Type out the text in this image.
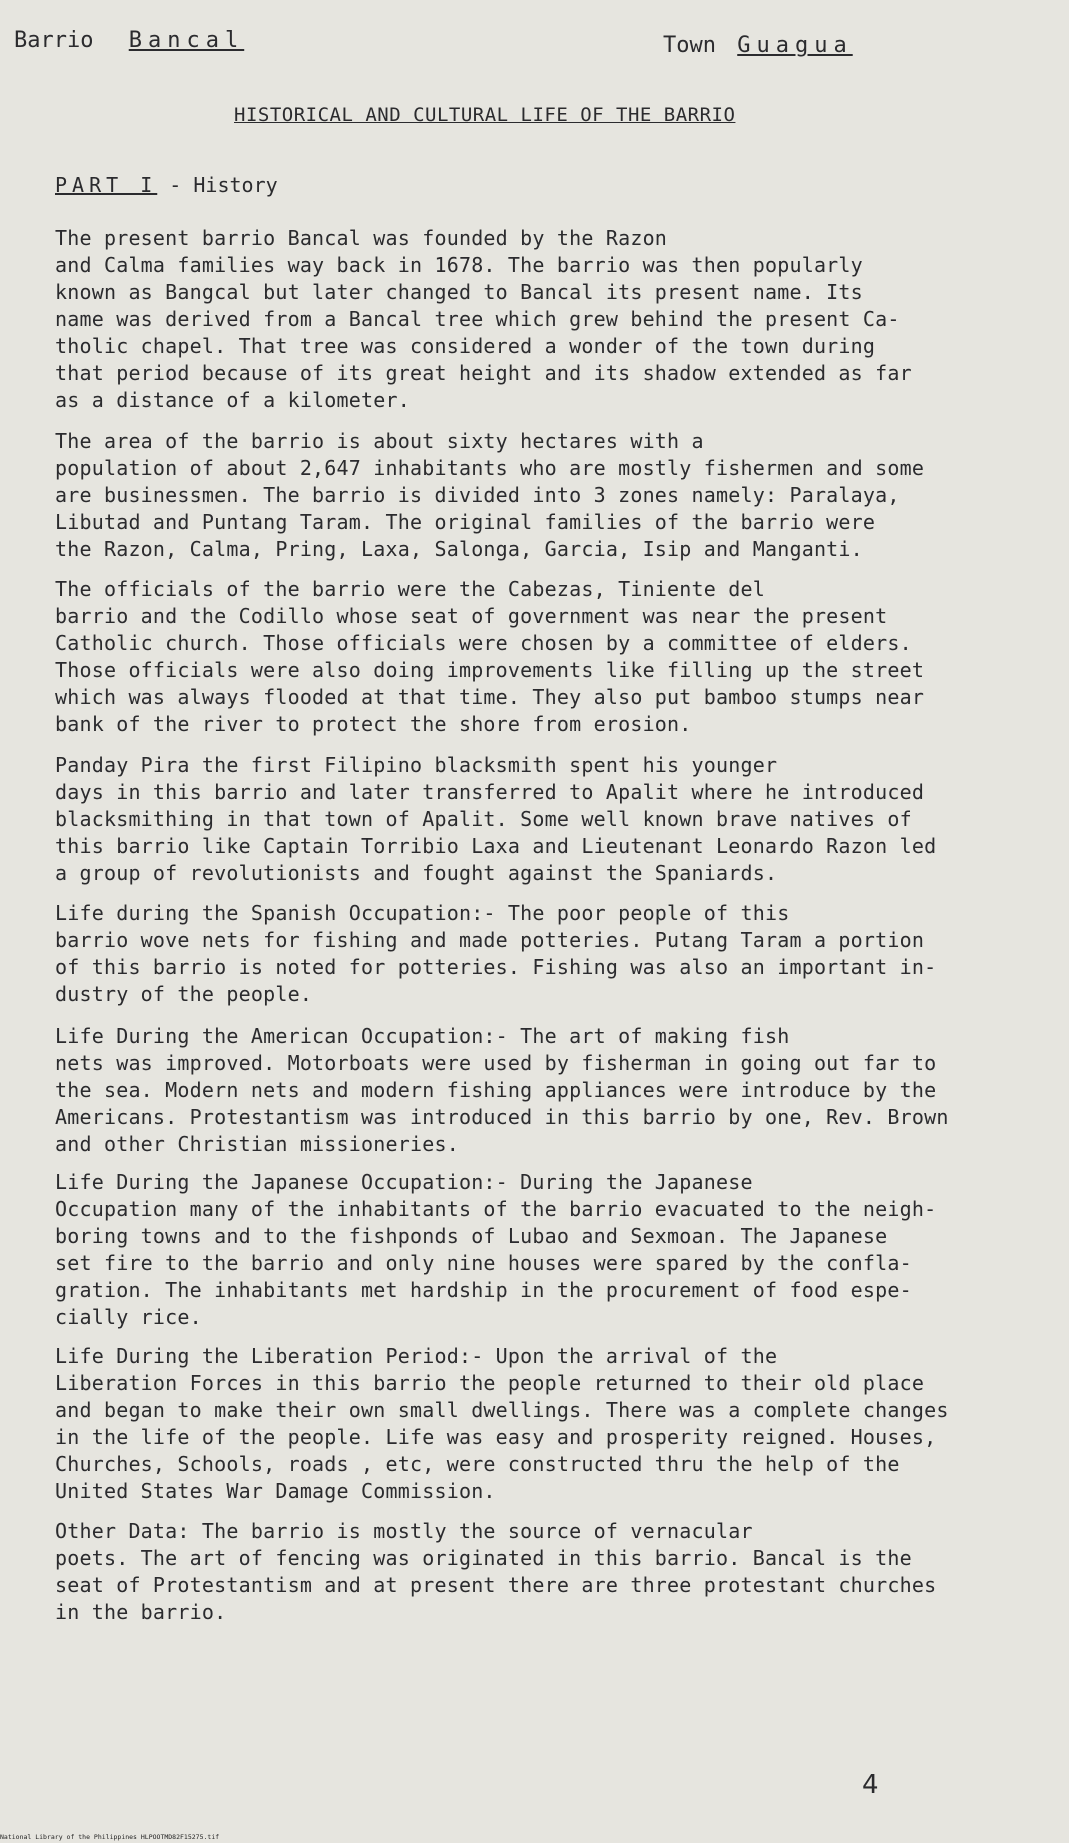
Barrio Bancal	Town Guagua
HISTORICAL AND CULTURAL LIFE OF THE BARRIO
PART I - History

The present barrio Bancal was founded by the Razon
and Calma families way back in 1678. The barrio was then popularly
known as Bangcal but later changed to Bancal its present name. Its
name was derived from a Bancal tree which grew behind the present Ca-
tholic chapel. That tree was considered a wonder of the town during
that period because of its great height and its shadow extended as far
as a distance of a kilometer.

The area of the barrio is about sixty hectares with a
population of about 2,647 inhabitants who are mostly fishermen and some
are businessmen. The barrio is divided into 3 zones namely: Paralaya,
Libutad and Puntang Taram. The original families of the barrio were
the Razon, Calma, Pring, Laxa, Salonga, Garcia, Isip and Manganti.

The officials of the barrio were the Cabezas, Tiniente del
barrio and the Codillo whose seat of government was near the present
Catholic church. Those officials were chosen by a committee of elders.
Those officials were also doing improvements like filling up the street
which was always flooded at that time. They also put bamboo stumps near
bank of the river to protect the shore from erosion.

Panday Pira the first Filipino blacksmith spent his younger
days in this barrio and later transferred to Apalit where he introduced
blacksmithing in that town of Apalit. Some well known brave natives of
this barrio like Captain Torribio Laxa and Lieutenant Leonardo Razon led
a group of revolutionists and fought against the Spaniards.

Life during the Spanish Occupation:- The poor people of this
barrio wove nets for fishing and made potteries. Putang Taram a portion
of this barrio is noted for potteries. Fishing was also an important in-
dustry of the people.

Life During the American Occupation:- The art of making fish
nets was improved. Motorboats were used by fisherman in going out far to
the sea. Modern nets and modern fishing appliances were introduce by the
Americans. Protestantism was introduced in this barrio by one, Rev. Brown
and other Christian missioneries.

Life During the Japanese Occupation:- During the Japanese
Occupation many of the inhabitants of the barrio evacuated to the neigh-
boring towns and to the fishponds of Lubao and Sexmoan. The Japanese
set fire to the barrio and only nine houses were spared by the confla-
gration. The inhabitants met hardship in the procurement of food espe-
cially rice.

Life During the Liberation Period:- Upon the arrival of the
Liberation Forces in this barrio the people returned to their old place
and began to make their own small dwellings. There was a complete changes
in the life of the people. Life was easy and prosperity reigned. Houses,
Churches, Schools, roads , etc, were constructed thru the help of the
United States War Damage Commission.

Other Data: The barrio is mostly the source of vernacular
poets. The art of fencing was originated in this barrio. Bancal is the
seat of Protestantism and at present there are three protestant churches
in the barrio.

4
National Library of the Philippines HLPOOTMD82F15275.tif
